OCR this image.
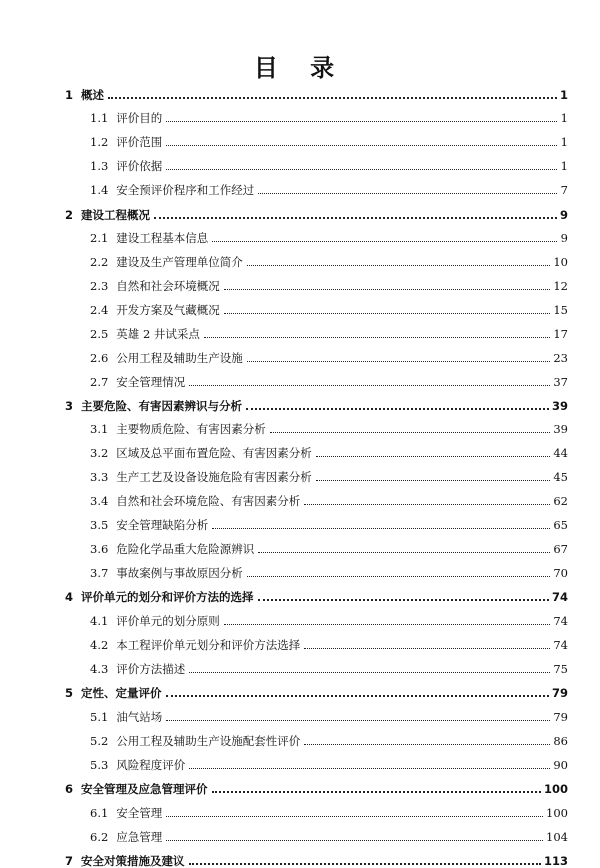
目 录
1 概述	1
1.1 评价目的	1
1.2 评价范围	1
1.3 评价依据	1
1.4 安全预评价程序和工作经过	7
2 建设工程概况	9
2.1 建设工程基本信息	9
2.2 建设及生产管理单位简介	10
2.3 自然和社会环境概况	12
2.4 开发方案及气藏概况	15
2.5 英雄 2 井试采点	17
2.6 公用工程及辅助生产设施	23
2.7 安全管理情况	37
3 主要危险、有害因素辨识与分析	39
3.1 主要物质危险、有害因素分析	39
3.2 区域及总平面布置危险、有害因素分析	44
3.3 生产工艺及设备设施危险有害因素分析	45
3.4 自然和社会环境危险、有害因素分析	62
3.5 安全管理缺陷分析	65
3.6 危险化学品重大危险源辨识	67
3.7 事故案例与事故原因分析	70
4 评价单元的划分和评价方法的选择	74
4.1 评价单元的划分原则	74
4.2 本工程评价单元划分和评价方法选择	74
4.3 评价方法描述	75
5 定性、定量评价	79
5.1 油气站场	79
5.2 公用工程及辅助生产设施配套性评价	86
5.3 风险程度评价	90
6 安全管理及应急管理评价	100
6.1 安全管理	100
6.2 应急管理	104
7 安全对策措施及建议	113
